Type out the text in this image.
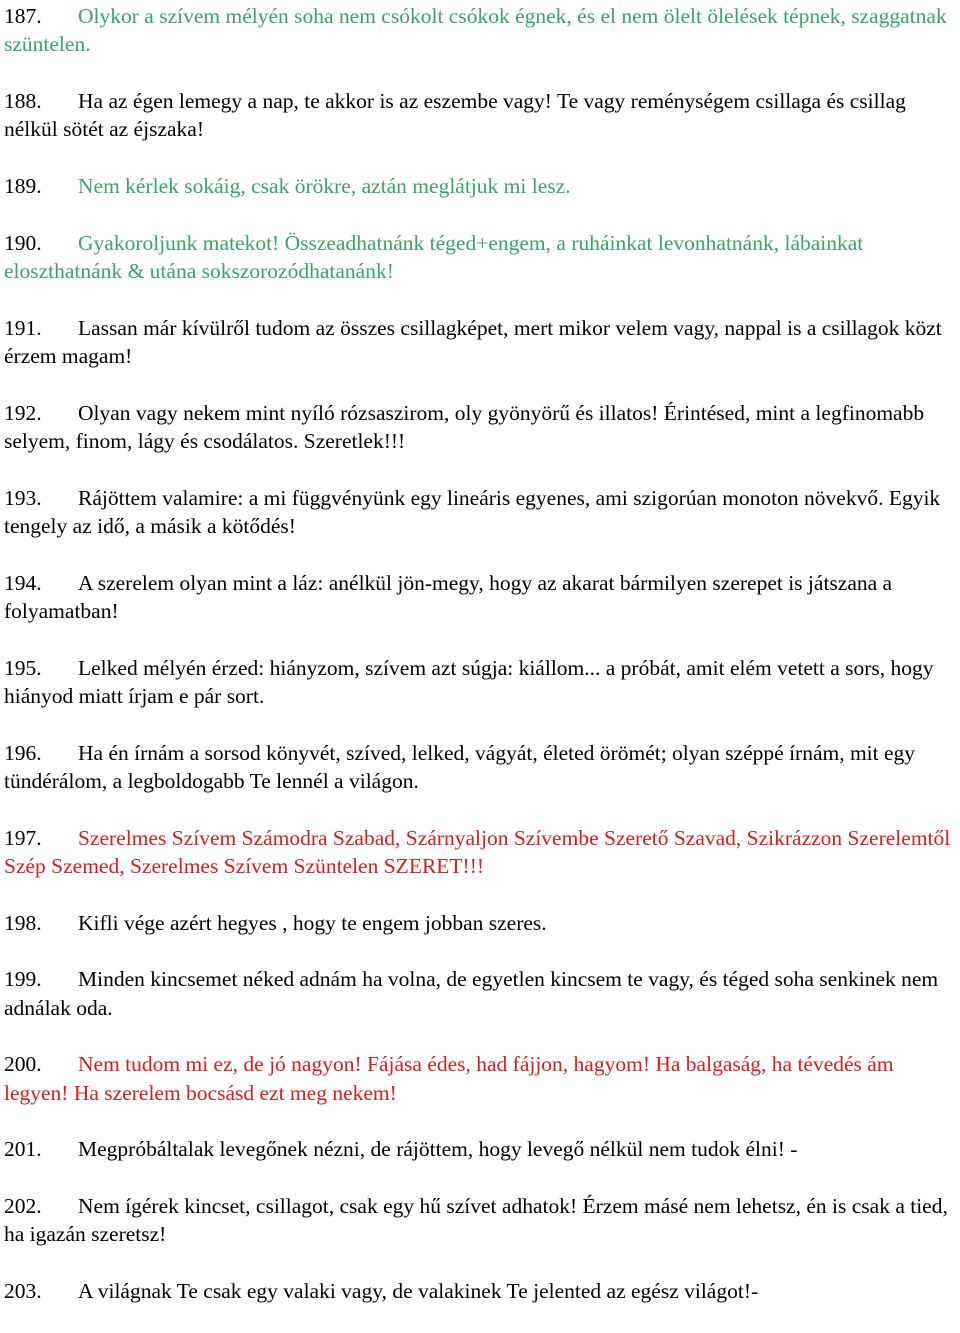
187. Olykor a szívem mélyén soha nem csókolt csókok égnek, és el nem ölelt ölelések tépnek, szaggatnak szüntelen.

188. Ha az égen lemegy a nap, te akkor is az eszembe vagy! Te vagy reménységem csillaga és csillag nélkül sötét az éjszaka!

189. Nem kérlek sokáig, csak örökre, aztán meglátjuk mi lesz.

190. Gyakoroljunk matekot! Összeadhatnánk téged+engem, a ruháinkat levonhatnánk, lábainkat eloszthatnánk & utána sokszorozódhatanánk!

191. Lassan már kívülről tudom az összes csillagképet, mert mikor velem vagy, nappal is a csillagok közt érzem magam!

192. Olyan vagy nekem mint nyíló rózsaszirom, oly gyönyörű és illatos! Érintésed, mint a legfinomabb selyem, finom, lágy és csodálatos. Szeretlek!!!

193. Rájöttem valamire: a mi függvényünk egy lineáris egyenes, ami szigorúan monoton növekvő. Egyik tengely az idő, a másik a kötődés!

194. A szerelem olyan mint a láz: anélkül jön-megy, hogy az akarat bármilyen szerepet is játszana a folyamatban!

195. Lelked mélyén érzed: hiányzom, szívem azt súgja: kiállom... a próbát, amit elém vetett a sors, hogy hiányod miatt írjam e pár sort.

196. Ha én írnám a sorsod könyvét, szíved, lelked, vágyát, életed örömét; olyan széppé írnám, mit egy tündérálom, a legboldogabb Te lennél a világon.

197. Szerelmes Szívem Számodra Szabad, Szárnyaljon Szívembe Szerető Szavad, Szikrázzon Szerelemtől Szép Szemed, Szerelmes Szívem Szüntelen SZERET!!!

198. Kifli vége azért hegyes , hogy te engem jobban szeres.

199. Minden kincsemet néked adnám ha volna, de egyetlen kincsem te vagy, és téged soha senkinek nem adnálak oda.

200. Nem tudom mi ez, de jó nagyon! Fájása édes, had fájjon, hagyom! Ha balgaság, ha tévedés ám legyen! Ha szerelem bocsásd ezt meg nekem!

201. Megpróbáltalak levegőnek nézni, de rájöttem, hogy levegő nélkül nem tudok élni! -

202. Nem ígérek kincset, csillagot, csak egy hű szívet adhatok! Érzem másé nem lehetsz, én is csak a tied, ha igazán szeretsz!

203. A világnak Te csak egy valaki vagy, de valakinek Te jelented az egész világot!-
